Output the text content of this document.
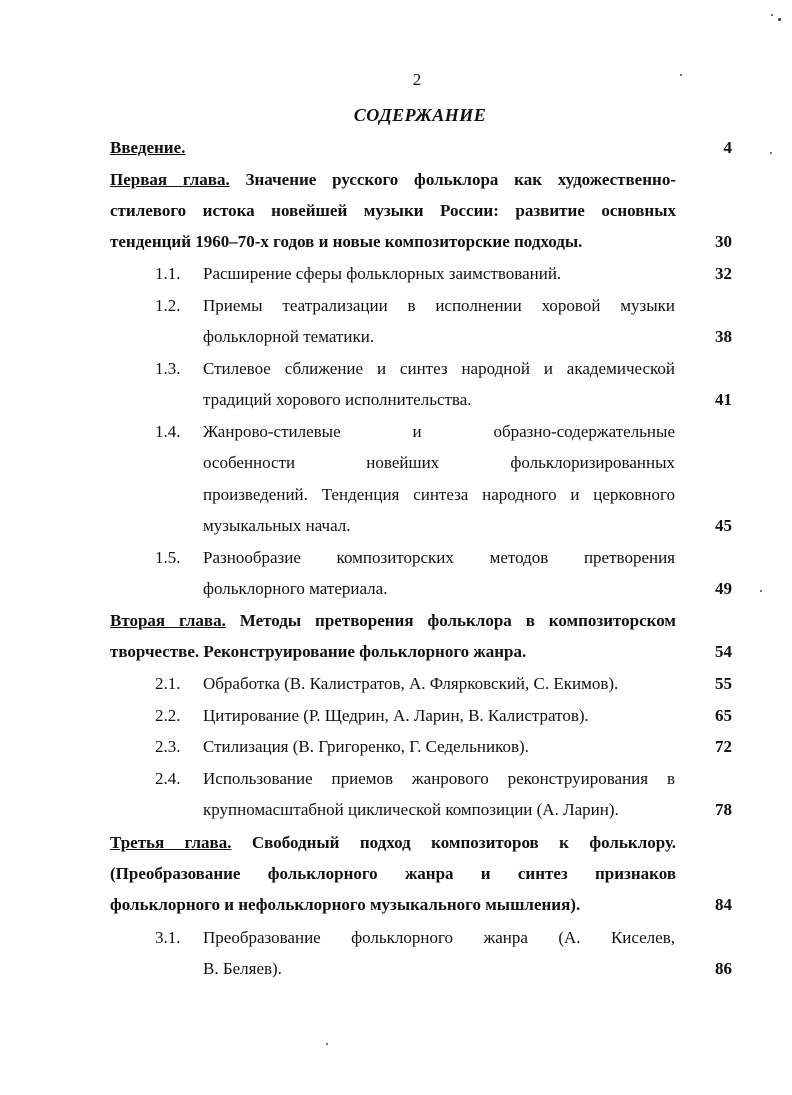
2
СОДЕРЖАНИЕ
Введение.	4
Первая глава. Значение русского фольклора как художественно-
стилевого истока новейшей музыки России: развитие основных
тенденций 1960–70-х годов и новые композиторские подходы.	30
1.1.	Расширение сферы фольклорных заимствований.	32
1.2.	Приемы театрализации в исполнении хоровой музыки
фольклорной тематики.	38
1.3.	Стилевое сближение и синтез народной и академической
традиций хорового исполнительства.	41
1.4.	Жанрово-стилевые и образно-содержательные
особенности новейших фольклоризированных
произведений. Тенденция синтеза народного и церковного
музыкальных начал.	45
1.5.	Разнообразие композиторских методов претворения
фольклорного материала.	49
Вторая глава. Методы претворения фольклора в композиторском
творчестве. Реконструирование фольклорного жанра.	54
2.1.	Обработка (В. Калистратов, А. Флярковский, С. Екимов).	55
2.2.	Цитирование (Р. Щедрин, А. Ларин, В. Калистратов).	65
2.3.	Стилизация (В. Григоренко, Г. Седельников).	72
2.4.	Использование приемов жанрового реконструирования в
крупномасштабной циклической композиции (А. Ларин).	78
Третья глава. Свободный подход композиторов к фольклору.
(Преобразование фольклорного жанра и синтез признаков
фольклорного и нефольклорного музыкального мышления).	84
3.1.	Преобразование фольклорного жанра (А. Киселев,
В. Беляев).	86
